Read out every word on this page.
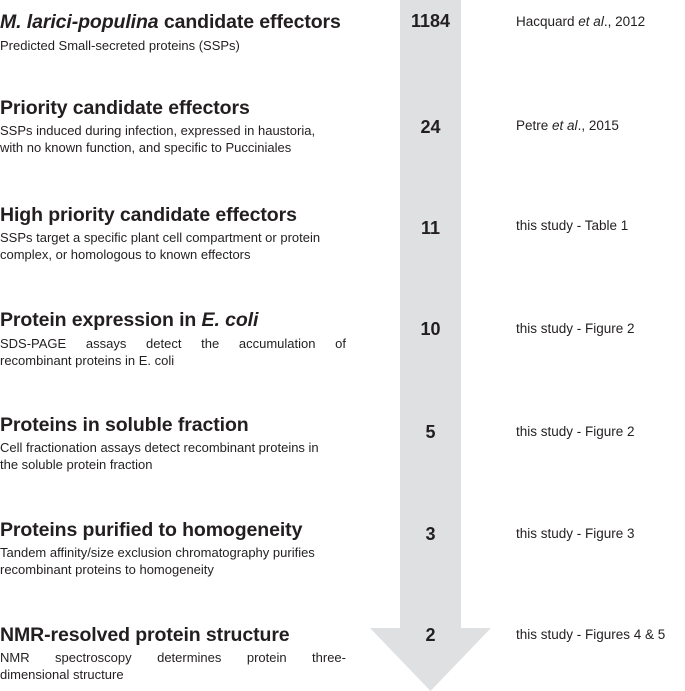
M. larici-populina candidate effectors
Predicted Small-secreted proteins (SSPs)
1184	Hacquard et al., 2012
Priority candidate effectors
SSPs induced during infection, expressed in haustoria,
with no known function, and specific to Pucciniales
24	Petre et al., 2015
High priority candidate effectors
SSPs target a specific plant cell compartment or protein
complex, or homologous to known effectors
11	this study - Table 1
Protein expression in E. coli
SDS-PAGE assays detect the accumulation of
recombinant proteins in E. coli
10	this study - Figure 2
Proteins in soluble fraction
Cell fractionation assays detect recombinant proteins in
the soluble protein fraction
5	this study - Figure 2
Proteins purified to homogeneity
Tandem affinity/size exclusion chromatography purifies
recombinant proteins to homogeneity
3	this study - Figure 3
NMR-resolved protein structure
NMR spectroscopy determines protein three-
dimensional structure
2	this study - Figures 4 & 5
